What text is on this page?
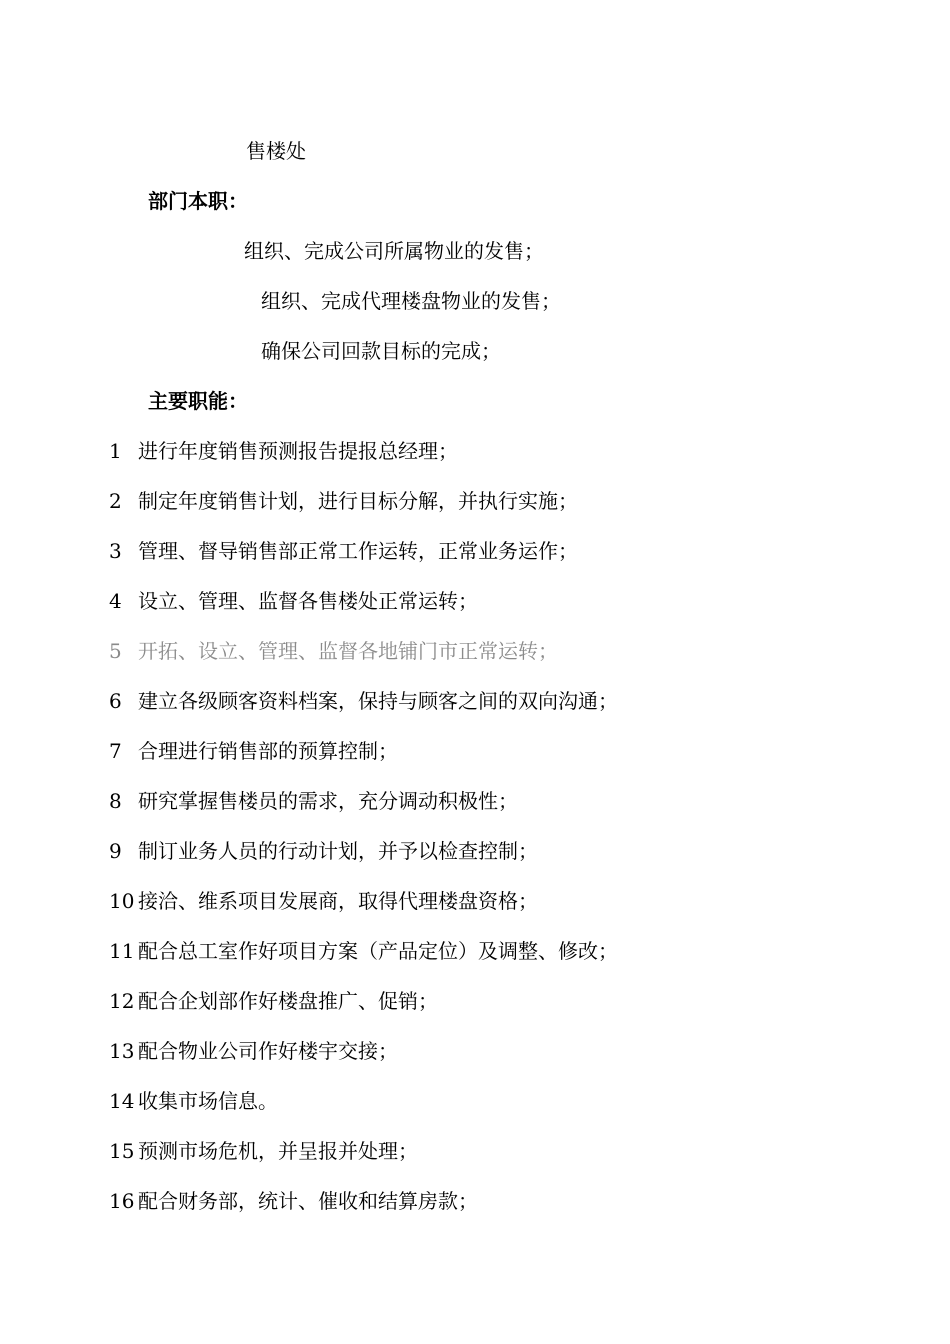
售楼处
部门本职：
组织、完成公司所属物业的发售；
组织、完成代理楼盘物业的发售；
确保公司回款目标的完成；
主要职能：
1 进行年度销售预测报告提报总经理；
2 制定年度销售计划，进行目标分解，并执行实施；
3 管理、督导销售部正常工作运转，正常业务运作；
4 设立、管理、监督各售楼处正常运转；
5 开拓、设立、管理、监督各地铺门市正常运转；
6 建立各级顾客资料档案，保持与顾客之间的双向沟通；
7 合理进行销售部的预算控制；
8 研究掌握售楼员的需求，充分调动积极性；
9 制订业务人员的行动计划，并予以检查控制；
10 接洽、维系项目发展商，取得代理楼盘资格；
11 配合总工室作好项目方案（产品定位）及调整、修改；
12 配合企划部作好楼盘推广、促销；
13 配合物业公司作好楼宇交接；
14 收集市场信息。
15 预测市场危机，并呈报并处理；
16 配合财务部，统计、催收和结算房款；
